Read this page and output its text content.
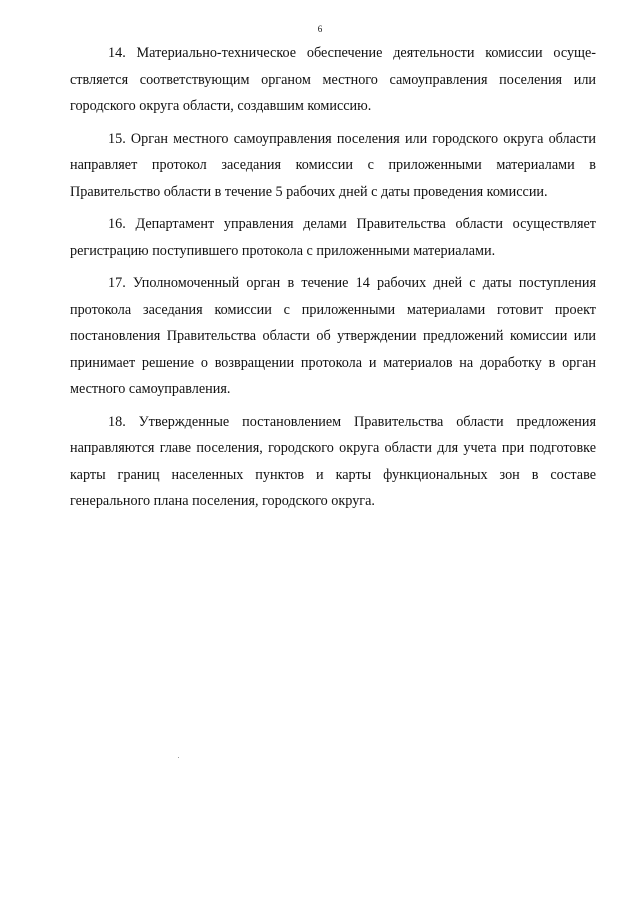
6

14. Материально-техническое обеспечение деятельности комиссии осуществляется соответствующим органом местного самоуправления поселения или городского округа области, создавшим комиссию.

15. Орган местного самоуправления поселения или городского округа области направляет протокол заседания комиссии с приложенными материалами в Правительство области в течение 5 рабочих дней с даты проведения комиссии.

16. Департамент управления делами Правительства области осуществляет регистрацию поступившего протокола с приложенными материалами.

17. Уполномоченный орган в течение 14 рабочих дней с даты поступления протокола заседания комиссии с приложенными материалами готовит проект постановления Правительства области об утверждении предложений комиссии или принимает решение о возвращении протокола и материалов на доработку в орган местного самоуправления.

18. Утвержденные постановлением Правительства области предложения направляются главе поселения, городского округа области для учета при подготовке карты границ населенных пунктов и карты функциональных зон в составе генерального плана поселения, городского округа.
